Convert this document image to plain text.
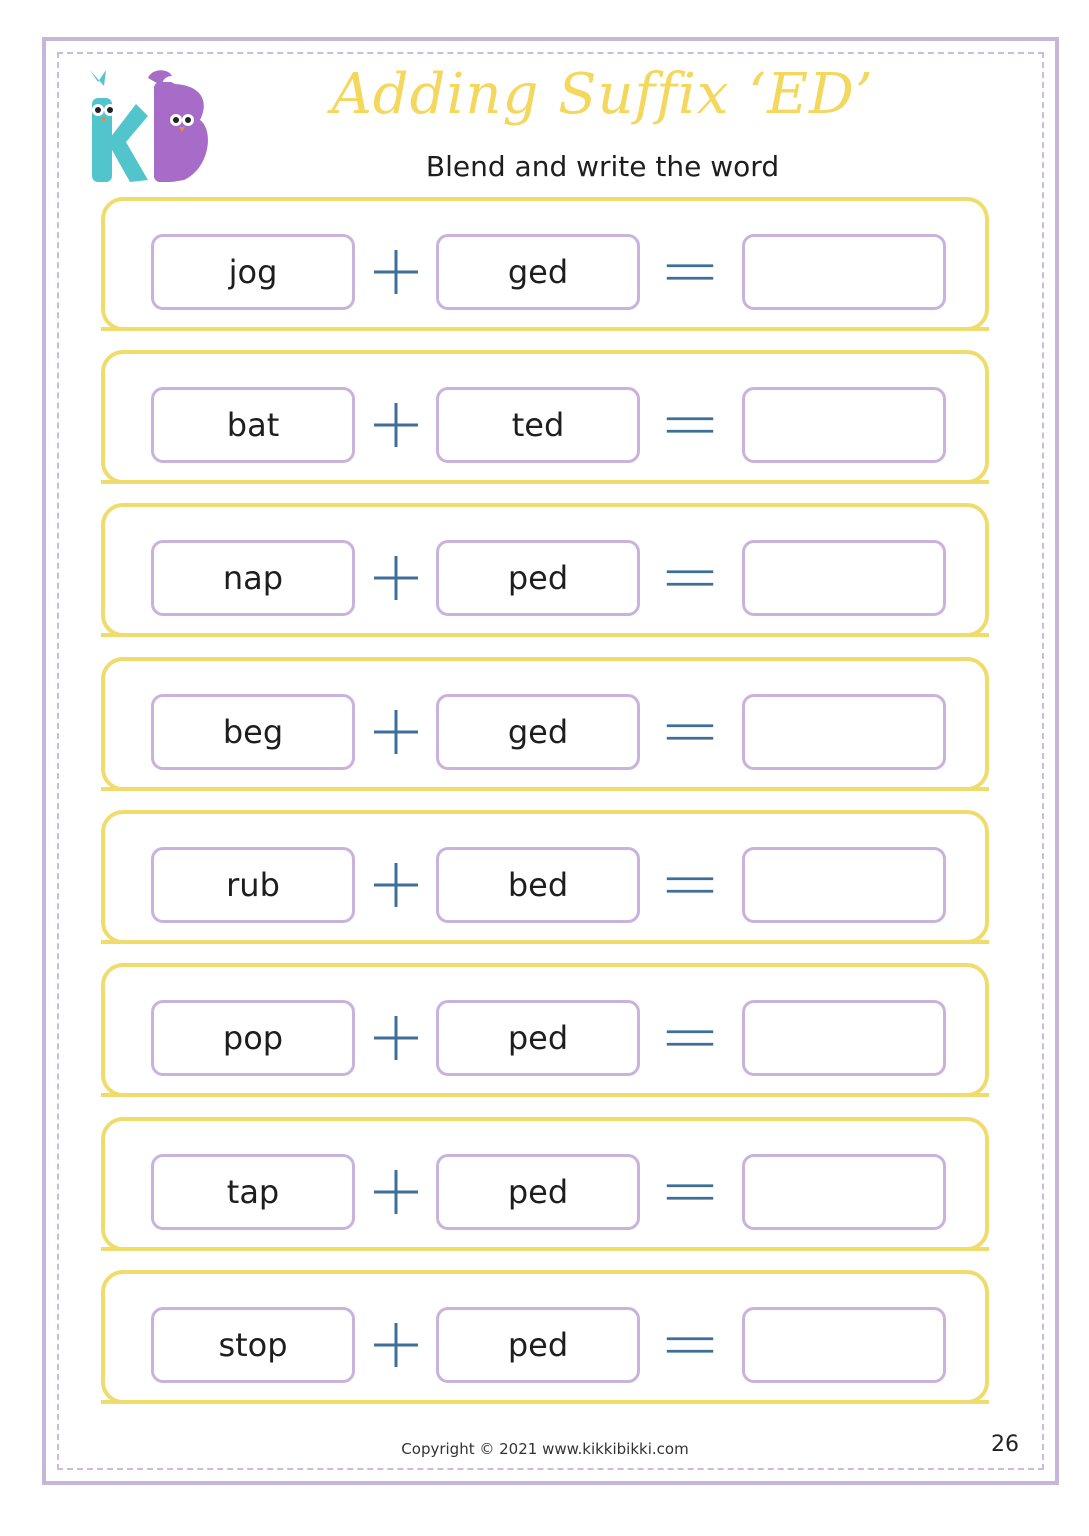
Adding Suffix ‘ED’
Blend and write the word
jog	ged
bat	ted
nap	ped
beg	ged
rub	bed
pop	ped
tap	ped
stop	ped
Copyright © 2021 www.kikkibikki.com	26
